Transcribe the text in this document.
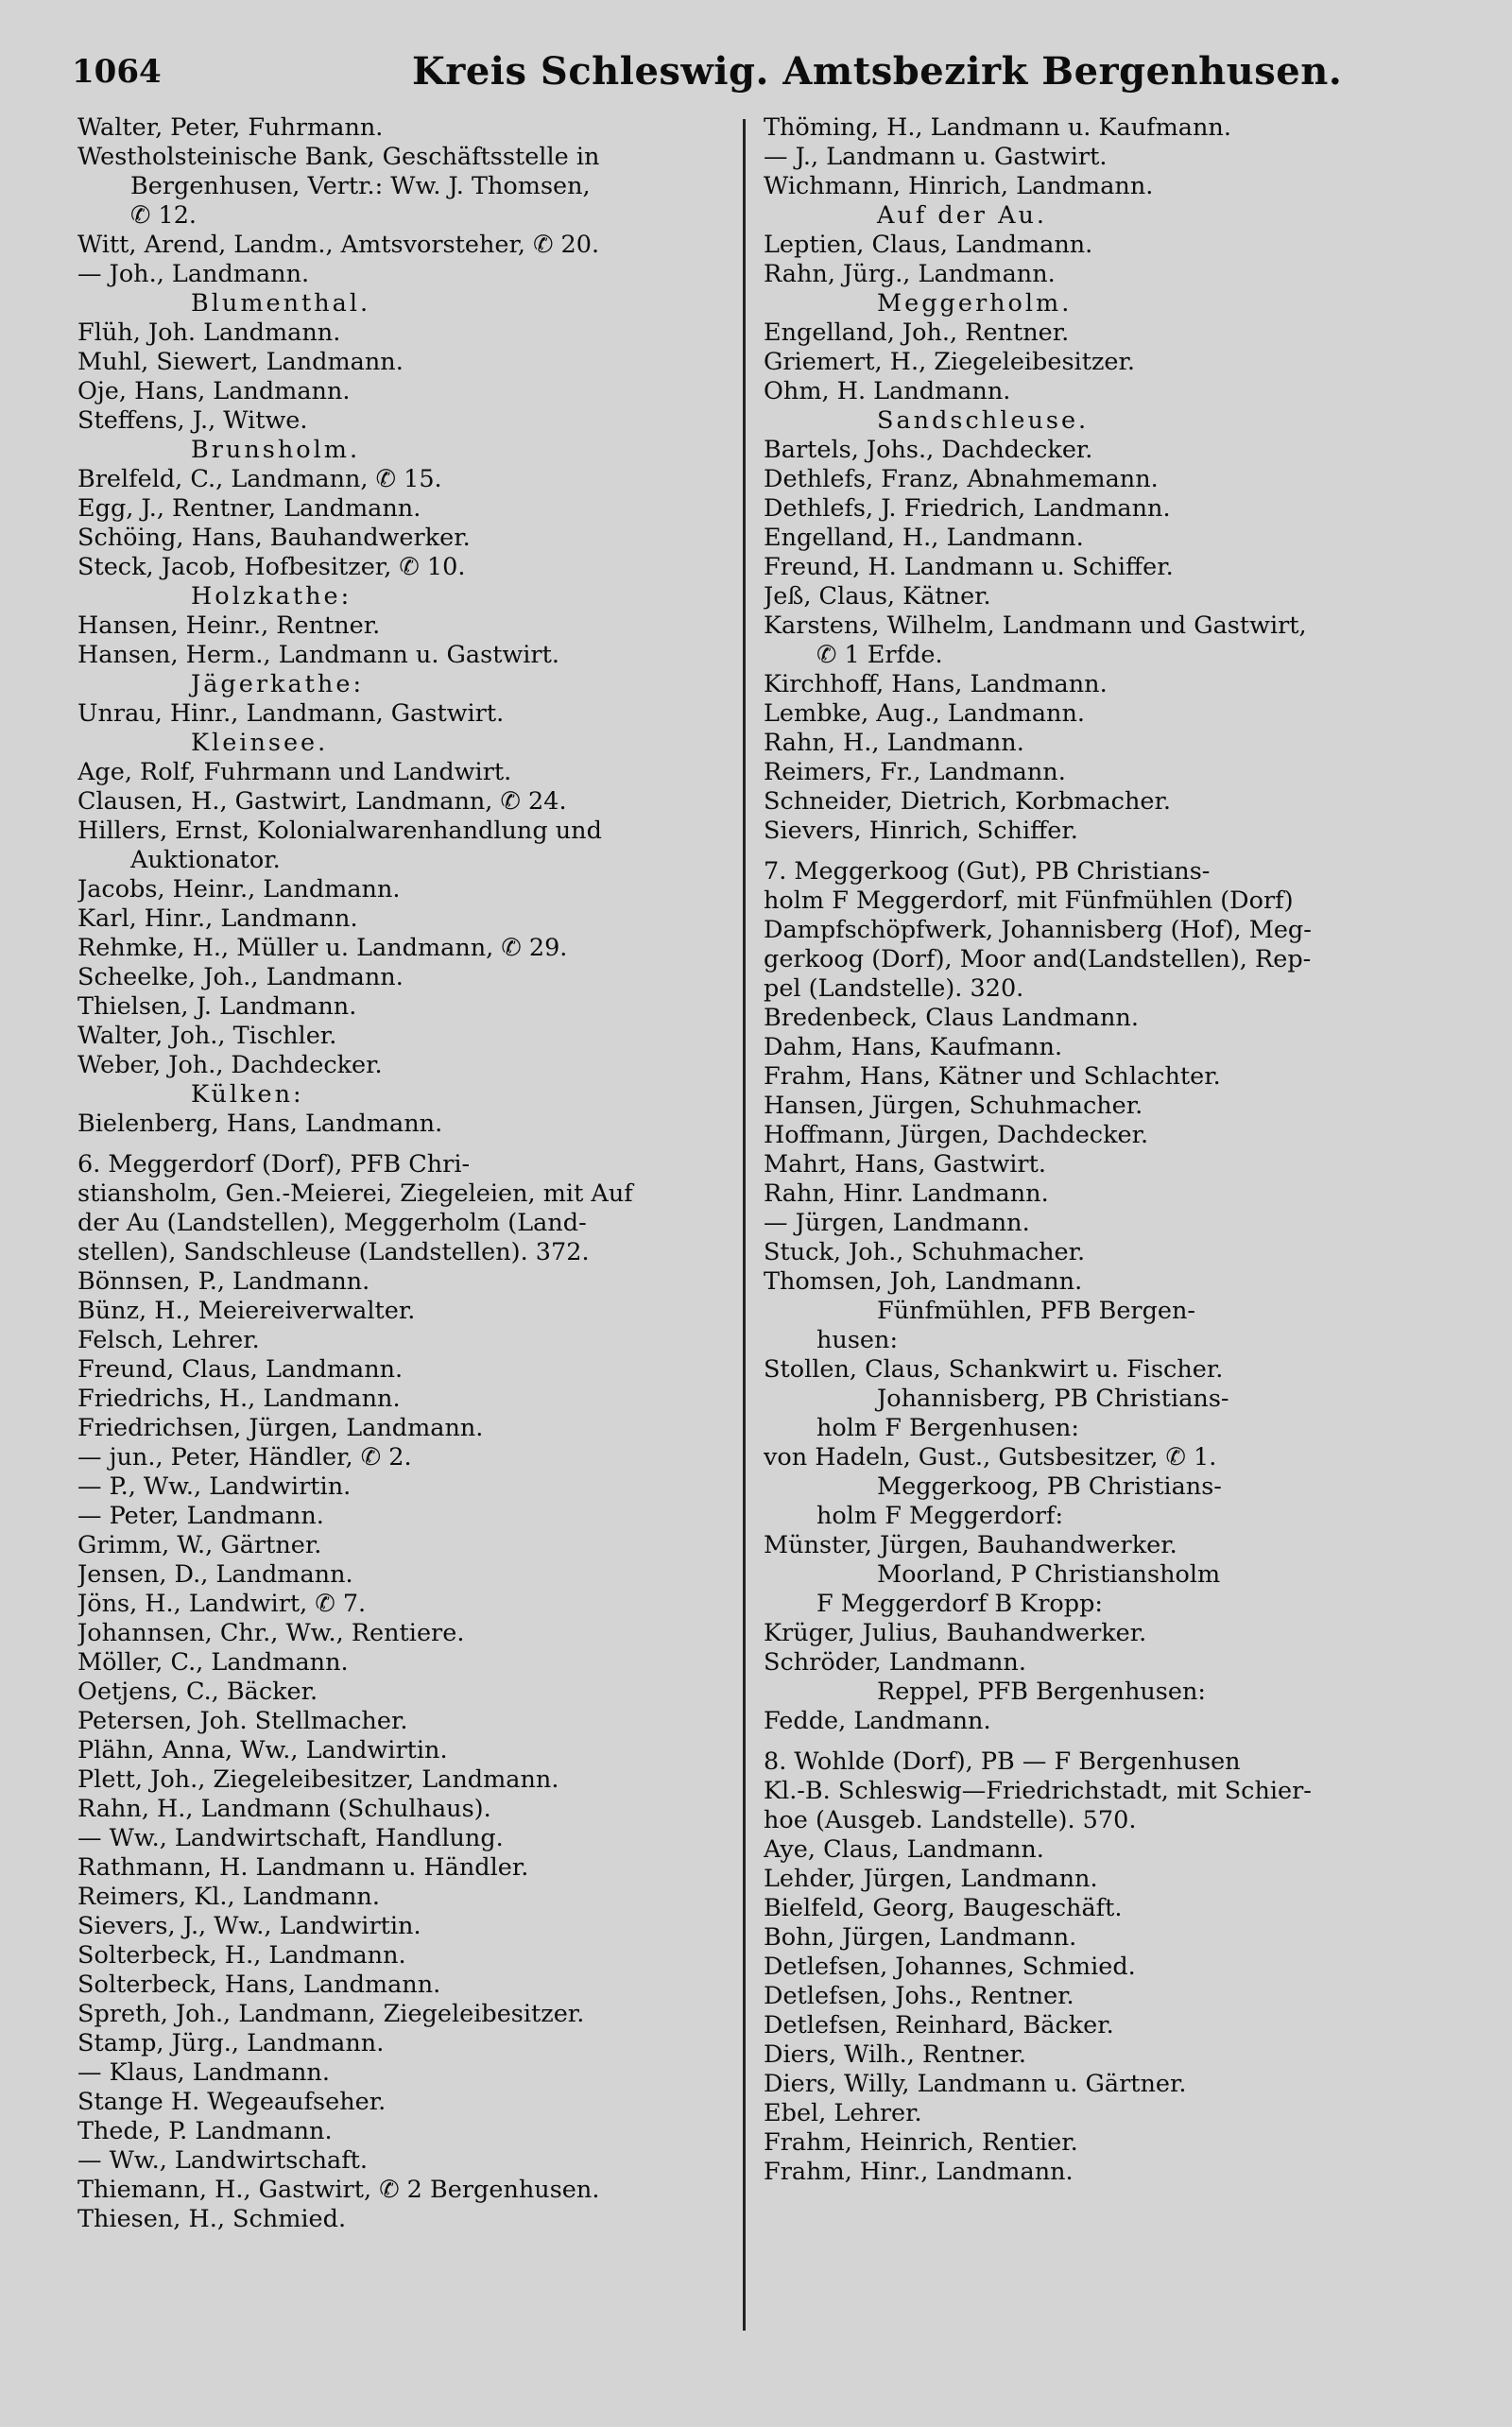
1064	Kreis Schleswig. Amtsbezirk Bergenhusen.
Walter, Peter, Fuhrmann.
Westholsteinische Bank, Geschäftsstelle in
Bergenhusen, Vertr.: Ww. J. Thomsen,
✆ 12.
Witt, Arend, Landm., Amtsvorsteher, ✆ 20.
— Joh., Landmann.
Blumenthal.
Flüh, Joh. Landmann.
Muhl, Siewert, Landmann.
Oje, Hans, Landmann.
Steffens, J., Witwe.
Brunsholm.
Brelfeld, C., Landmann, ✆ 15.
Egg, J., Rentner, Landmann.
Schöing, Hans, Bauhandwerker.
Steck, Jacob, Hofbesitzer, ✆ 10.
Holzkathe:
Hansen, Heinr., Rentner.
Hansen, Herm., Landmann u. Gastwirt.
Jägerkathe:
Unrau, Hinr., Landmann, Gastwirt.
Kleinsee.
Age, Rolf, Fuhrmann und Landwirt.
Clausen, H., Gastwirt, Landmann, ✆ 24.
Hillers, Ernst, Kolonialwarenhandlung und
Auktionator.
Jacobs, Heinr., Landmann.
Karl, Hinr., Landmann.
Rehmke, H., Müller u. Landmann, ✆ 29.
Scheelke, Joh., Landmann.
Thielsen, J. Landmann.
Walter, Joh., Tischler.
Weber, Joh., Dachdecker.
Külken:
Bielenberg, Hans, Landmann.
6. Meggerdorf (Dorf), PFB Chri-
stiansholm, Gen.-Meierei, Ziegeleien, mit Auf
der Au (Landstellen), Meggerholm (Land-
stellen), Sandschleuse (Landstellen). 372.
Bönnsen, P., Landmann.
Bünz, H., Meiereiverwalter.
Felsch, Lehrer.
Freund, Claus, Landmann.
Friedrichs, H., Landmann.
Friedrichsen, Jürgen, Landmann.
— jun., Peter, Händler, ✆ 2.
— P., Ww., Landwirtin.
— Peter, Landmann.
Grimm, W., Gärtner.
Jensen, D., Landmann.
Jöns, H., Landwirt, ✆ 7.
Johannsen, Chr., Ww., Rentiere.
Möller, C., Landmann.
Oetjens, C., Bäcker.
Petersen, Joh. Stellmacher.
Plähn, Anna, Ww., Landwirtin.
Plett, Joh., Ziegeleibesitzer, Landmann.
Rahn, H., Landmann (Schulhaus).
— Ww., Landwirtschaft, Handlung.
Rathmann, H. Landmann u. Händler.
Reimers, Kl., Landmann.
Sievers, J., Ww., Landwirtin.
Solterbeck, H., Landmann.
Solterbeck, Hans, Landmann.
Spreth, Joh., Landmann, Ziegeleibesitzer.
Stamp, Jürg., Landmann.
— Klaus, Landmann.
Stange H. Wegeaufseher.
Thede, P. Landmann.
— Ww., Landwirtschaft.
Thiemann, H., Gastwirt, ✆ 2 Bergenhusen.
Thiesen, H., Schmied.
Thöming, H., Landmann u. Kaufmann.
— J., Landmann u. Gastwirt.
Wichmann, Hinrich, Landmann.
Auf der Au.
Leptien, Claus, Landmann.
Rahn, Jürg., Landmann.
Meggerholm.
Engelland, Joh., Rentner.
Griemert, H., Ziegeleibesitzer.
Ohm, H. Landmann.
Sandschleuse.
Bartels, Johs., Dachdecker.
Dethlefs, Franz, Abnahmemann.
Dethlefs, J. Friedrich, Landmann.
Engelland, H., Landmann.
Freund, H. Landmann u. Schiffer.
Jeß, Claus, Kätner.
Karstens, Wilhelm, Landmann und Gastwirt,
✆ 1 Erfde.
Kirchhoff, Hans, Landmann.
Lembke, Aug., Landmann.
Rahn, H., Landmann.
Reimers, Fr., Landmann.
Schneider, Dietrich, Korbmacher.
Sievers, Hinrich, Schiffer.
7. Meggerkoog (Gut), PB Christians-
holm F Meggerdorf, mit Fünfmühlen (Dorf)
Dampfschöpfwerk, Johannisberg (Hof), Meg-
gerkoog (Dorf), Moor and(Landstellen), Rep-
pel (Landstelle). 320.
Bredenbeck, Claus Landmann.
Dahm, Hans, Kaufmann.
Frahm, Hans, Kätner und Schlachter.
Hansen, Jürgen, Schuhmacher.
Hoffmann, Jürgen, Dachdecker.
Mahrt, Hans, Gastwirt.
Rahn, Hinr. Landmann.
— Jürgen, Landmann.
Stuck, Joh., Schuhmacher.
Thomsen, Joh, Landmann.
Fünfmühlen, PFB Bergen-
husen:
Stollen, Claus, Schankwirt u. Fischer.
Johannisberg, PB Christians-
holm F Bergenhusen:
von Hadeln, Gust., Gutsbesitzer, ✆ 1.
Meggerkoog, PB Christians-
holm F Meggerdorf:
Münster, Jürgen, Bauhandwerker.
Moorland, P Christiansholm
F Meggerdorf B Kropp:
Krüger, Julius, Bauhandwerker.
Schröder, Landmann.
Reppel, PFB Bergenhusen:
Fedde, Landmann.
8. Wohlde (Dorf), PB — F Bergenhusen
Kl.-B. Schleswig—Friedrichstadt, mit Schier-
hoe (Ausgeb. Landstelle). 570.
Aye, Claus, Landmann.
Lehder, Jürgen, Landmann.
Bielfeld, Georg, Baugeschäft.
Bohn, Jürgen, Landmann.
Detlefsen, Johannes, Schmied.
Detlefsen, Johs., Rentner.
Detlefsen, Reinhard, Bäcker.
Diers, Wilh., Rentner.
Diers, Willy, Landmann u. Gärtner.
Ebel, Lehrer.
Frahm, Heinrich, Rentier.
Frahm, Hinr., Landmann.
